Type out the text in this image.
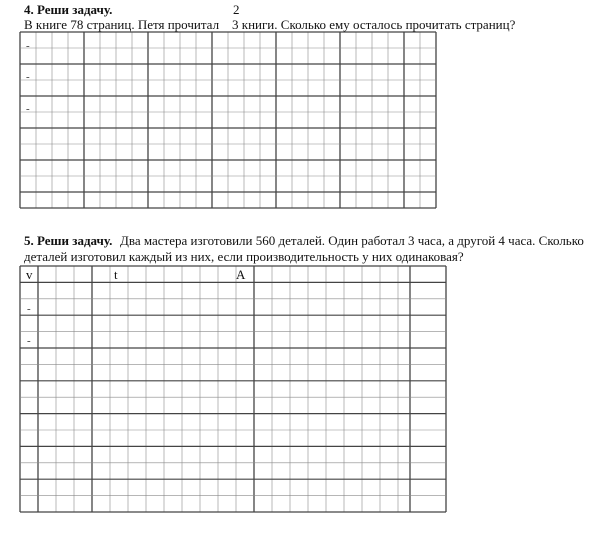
4. Реши задачу.	2
В книге 78 страниц. Петя прочитал 3 книги. Сколько ему осталось прочитать страниц?
-
-
-
5. Реши задачу. Два мастера изготовили 560 деталей. Один работал 3 часа, а другой 4 часа. Сколько
деталей изготовил каждый из них, если производительность у них одинаковая?
v	t	A
-
-
